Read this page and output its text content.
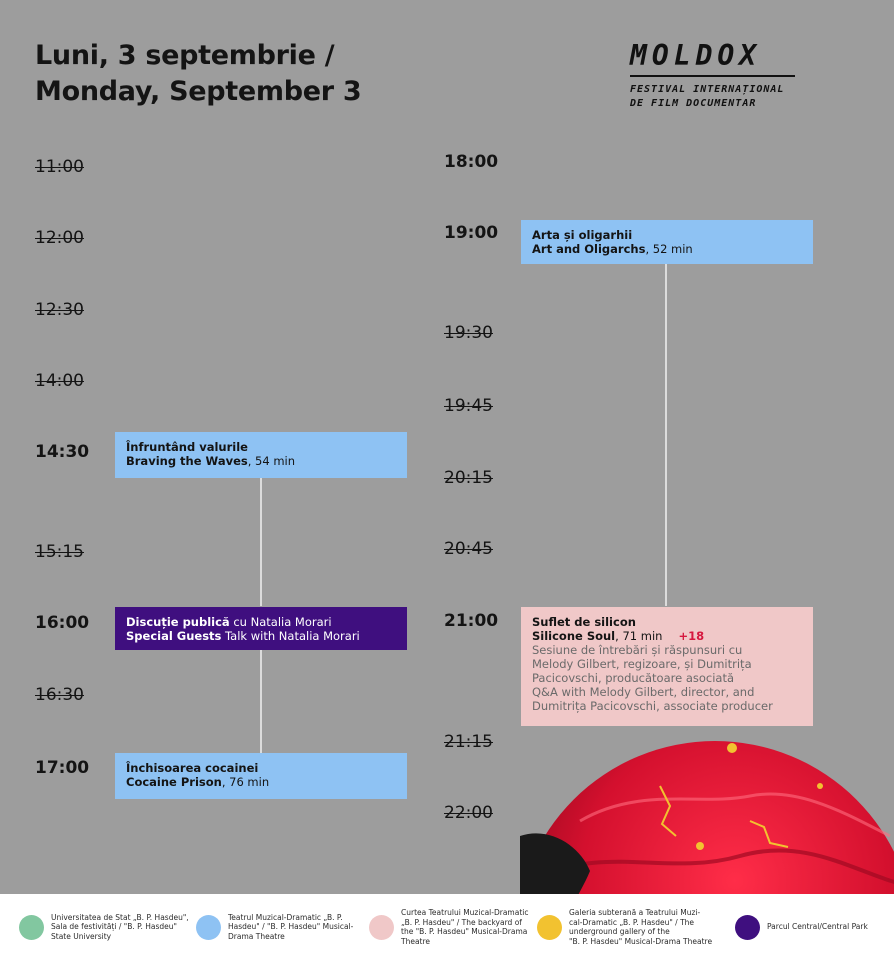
Luni, 3 septembrie /
Monday, September 3
MOLDOX
FESTIVAL INTERNAȚIONAL
DE FILM DOCUMENTAR
11:00
12:00
12:30
14:00
14:30
15:15
16:00
16:30
17:00
18:00
19:00
19:30
19:45
20:15
20:45
21:00
21:15
22:00
Înfruntând valurile
Braving the Waves, 54 min
Discuție publică cu Natalia Morari
Special Guests Talk with Natalia Morari
Închisoarea cocainei
Cocaine Prison, 76 min
Arta și oligarhii
Art and Oligarchs, 52 min
Suflet de silicon
Silicone Soul, 71 min +18
Sesiune de întrebări și răspunsuri cu
Melody Gilbert, regizoare, și Dumitrița
Pacicovschi, producătoare asociată
Q&A with Melody Gilbert, director, and
Dumitrița Pacicovschi, associate producer
Universitatea de Stat „B. P. Hasdeu",
Sala de festivități / "B. P. Hasdeu"
State University
Teatrul Muzical-Dramatic „B. P.
Hasdeu" / "B. P. Hasdeu" Musical-
Drama Theatre
Curtea Teatrului Muzical-Dramatic
„B. P. Hasdeu" / The backyard of
the "B. P. Hasdeu" Musical-Drama
Theatre
Galeria subterană a Teatrului Muzi-
cal-Dramatic „B. P. Hasdeu" / The
underground gallery of the
"B. P. Hasdeu" Musical-Drama Theatre
Parcul Central/Central Park
